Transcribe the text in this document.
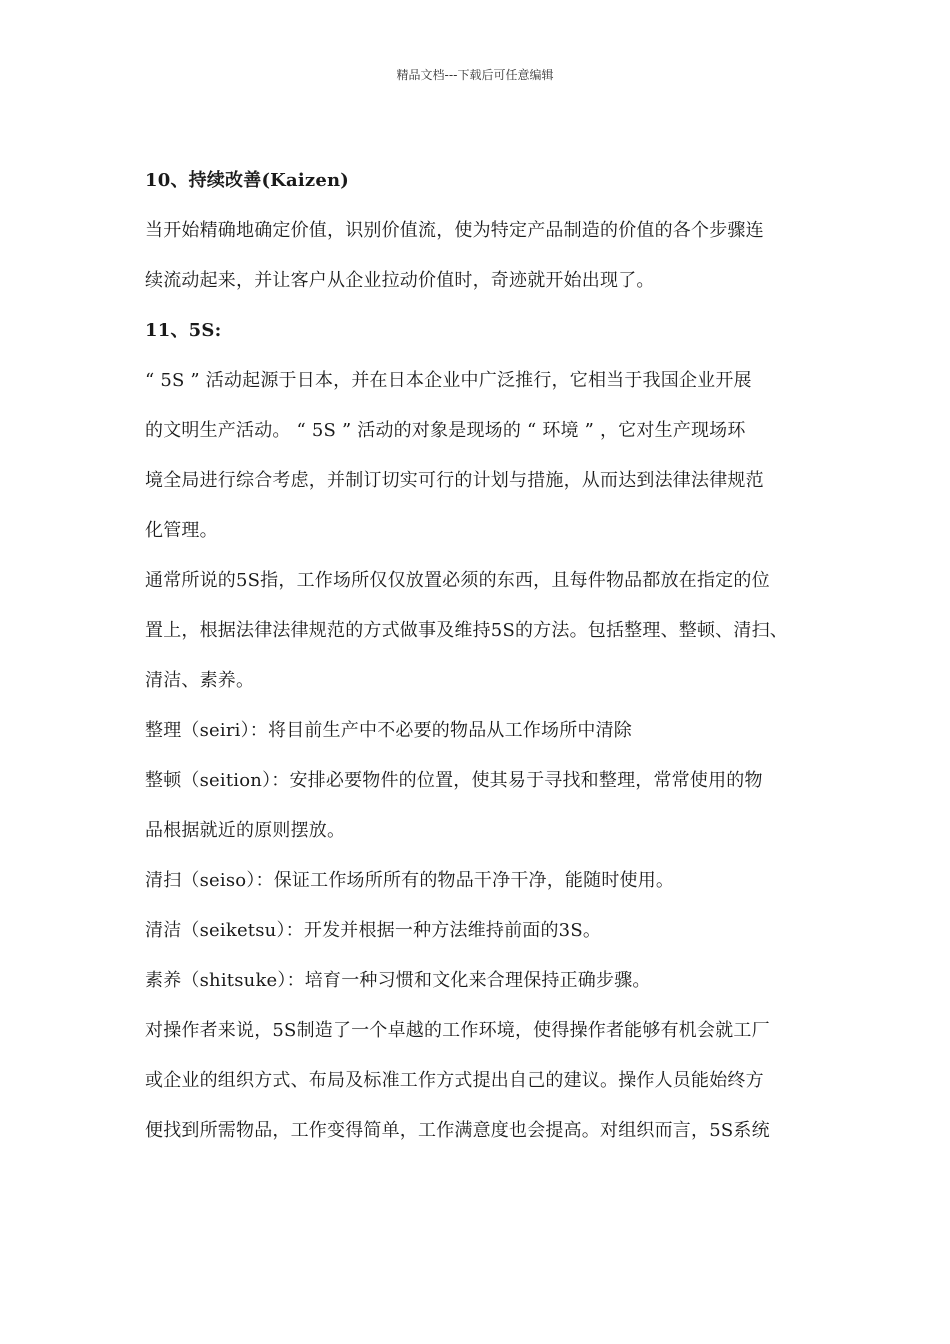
精品文档---下载后可任意编辑
10、持续改善(Kaizen)
当开始精确地确定价值，识别价值流，使为特定产品制造的价值的各个步骤连
续流动起来，并让客户从企业拉动价值时，奇迹就开始出现了。
11、5S:
“ 5S ” 活动起源于日本，并在日本企业中广泛推行，它相当于我国企业开展
的文明生产活动。 “ 5S ” 活动的对象是现场的 “ 环境 ” ，它对生产现场环
境全局进行综合考虑，并制订切实可行的计划与措施，从而达到法律法律规范
化管理。
通常所说的5S指，工作场所仅仅放置必须的东西，且每件物品都放在指定的位
置上，根据法律法律规范的方式做事及维持5S的方法。包括整理、整顿、清扫、
清洁、素养。
整理（seiri）：将目前生产中不必要的物品从工作场所中清除
整顿（seition）：安排必要物件的位置，使其易于寻找和整理，常常使用的物
品根据就近的原则摆放。
清扫（seiso）：保证工作场所所有的物品干净干净，能随时使用。
清洁（seiketsu）：开发并根据一种方法维持前面的3S。
素养（shitsuke）：培育一种习惯和文化来合理保持正确步骤。
对操作者来说，5S制造了一个卓越的工作环境，使得操作者能够有机会就工厂
或企业的组织方式、布局及标准工作方式提出自己的建议。操作人员能始终方
便找到所需物品，工作变得简单，工作满意度也会提高。对组织而言，5S系统
